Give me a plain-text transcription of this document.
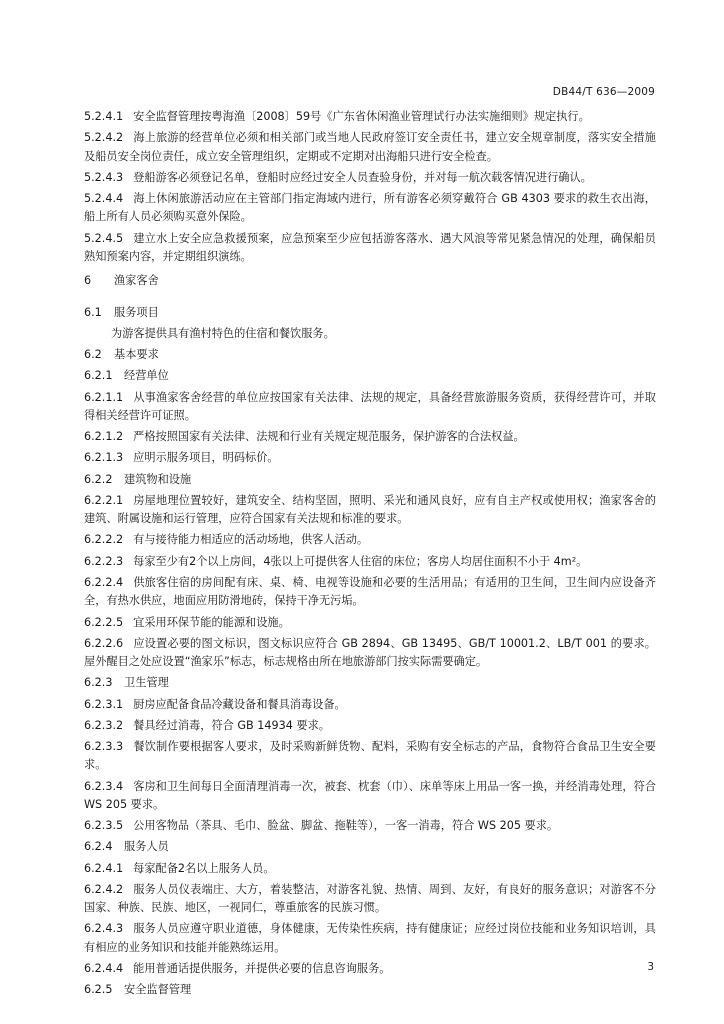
DB44/T 636—2009

5.2.4.1 安全监督管理按粤海渔〔2008〕59号《广东省休闲渔业管理试行办法实施细则》规定执行。

5.2.4.2 海上旅游的经营单位必须和相关部门或当地人民政府签订安全责任书，建立安全规章制度，落实安全措施及船员安全岗位责任，成立安全管理组织，定期或不定期对出海船只进行安全检查。

5.2.4.3 登船游客必须登记名单，登船时应经过安全人员查验身份，并对每一航次载客情况进行确认。

5.2.4.4 海上休闲旅游活动应在主管部门指定海域内进行，所有游客必须穿戴符合 GB 4303 要求的救生衣出海，船上所有人员必须购买意外保险。

5.2.4.5 建立水上安全应急救援预案，应急预案至少应包括游客落水、遇大风浪等常见紧急情况的处理，确保船员熟知预案内容，并定期组织演练。

6 渔家客舍
6.1 服务项目

为游客提供具有渔村特色的住宿和餐饮服务。

6.2 基本要求
6.2.1 经营单位

6.2.1.1 从事渔家客舍经营的单位应按国家有关法律、法规的规定，具备经营旅游服务资质，获得经营许可，并取得相关经营许可证照。

6.2.1.2 严格按照国家有关法律、法规和行业有关规定规范服务，保护游客的合法权益。

6.2.1.3 应明示服务项目，明码标价。

6.2.2 建筑物和设施

6.2.2.1 房屋地理位置较好，建筑安全、结构坚固，照明、采光和通风良好，应有自主产权或使用权；渔家客舍的建筑、附属设施和运行管理，应符合国家有关法规和标准的要求。

6.2.2.2 有与接待能力相适应的活动场地，供客人活动。

6.2.2.3 每家至少有2个以上房间，4张以上可提供客人住宿的床位；客房人均居住面积不小于 4m²。

6.2.2.4 供旅客住宿的房间配有床、桌、椅、电视等设施和必要的生活用品；有适用的卫生间，卫生间内应设备齐全，有热水供应，地面应用防滑地砖，保持干净无污垢。

6.2.2.5 宜采用环保节能的能源和设施。

6.2.2.6 应设置必要的图文标识，图文标识应符合 GB 2894、GB 13495、GB/T 10001.2、LB/T 001 的要求。屋外醒目之处应设置“渔家乐”标志，标志规格由所在地旅游部门按实际需要确定。

6.2.3 卫生管理

6.2.3.1 厨房应配备食品冷藏设备和餐具消毒设备。

6.2.3.2 餐具经过消毒，符合 GB 14934 要求。

6.2.3.3 餐饮制作要根据客人要求，及时采购新鲜货物、配料，采购有安全标志的产品，食物符合食品卫生安全要求。

6.2.3.4 客房和卫生间每日全面清理消毒一次，被套、枕套（巾）、床单等床上用品一客一换，并经消毒处理，符合 WS 205 要求。

6.2.3.5 公用客物品（茶具、毛巾、脸盆、脚盆、拖鞋等），一客一消毒，符合 WS 205 要求。

6.2.4 服务人员

6.2.4.1 每家配备2名以上服务人员。

6.2.4.2 服务人员仪表端庄、大方，着装整洁，对游客礼貌、热情、周到、友好，有良好的服务意识；对游客不分国家、种族、民族、地区，一视同仁，尊重旅客的民族习惯。

6.2.4.3 服务人员应遵守职业道德，身体健康，无传染性疾病，持有健康证；应经过岗位技能和业务知识培训，具有相应的业务知识和技能并能熟练运用。

6.2.4.4 能用普通话提供服务，并提供必要的信息咨询服务。

6.2.5 安全监督管理
3
